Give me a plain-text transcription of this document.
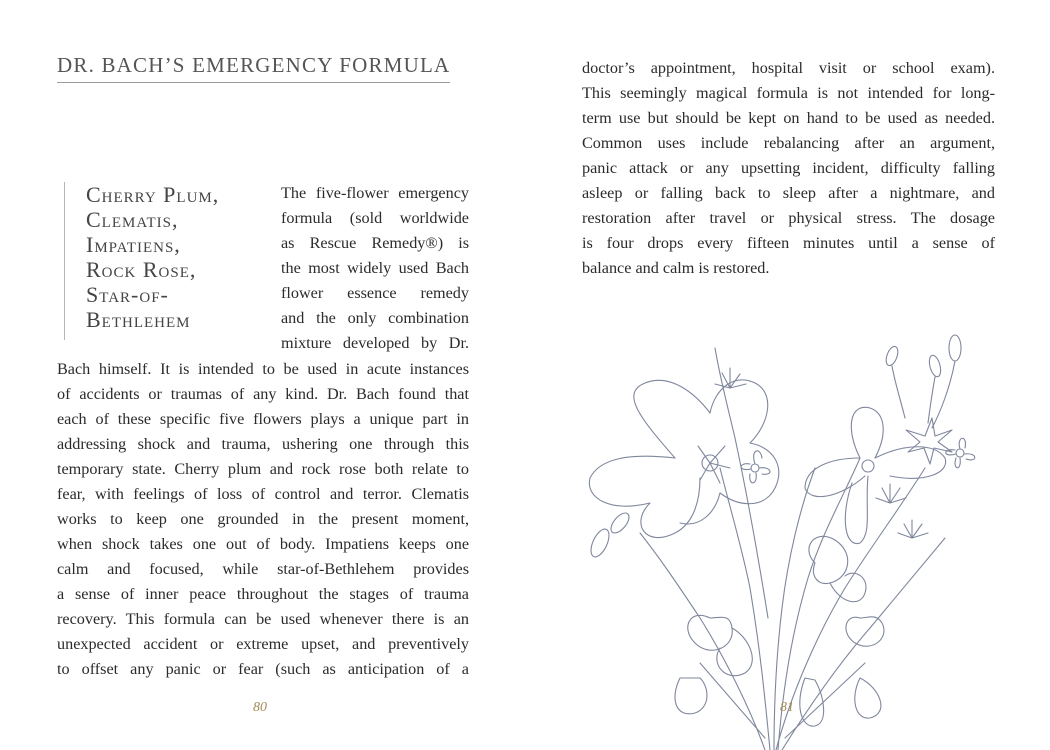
DR. BACH’S EMERGENCY FORMULA
Cherry Plum,
Clematis,
Impatiens,
Rock Rose,
Star-of-
Bethlehem

The five-flower emergency
formula (sold worldwide
as Rescue Remedy®) is
the most widely used Bach
flower essence remedy
and the only combination
mixture developed by Dr.

Bach himself. It is intended to be used in acute instances
of accidents or traumas of any kind. Dr. Bach found that
each of these specific five flowers plays a unique part in
addressing shock and trauma, ushering one through this
temporary state. Cherry plum and rock rose both relate to
fear, with feelings of loss of control and terror. Clematis
works to keep one grounded in the present moment,
when shock takes one out of body. Impatiens keeps one
calm and focused, while star-of-Bethlehem provides
a sense of inner peace throughout the stages of trauma
recovery. This formula can be used whenever there is an
unexpected accident or extreme upset, and preventively
to offset any panic or fear (such as anticipation of a

80

doctor’s appointment, hospital visit or school exam).
This seemingly magical formula is not intended for long-
term use but should be kept on hand to be used as needed.
Common uses include rebalancing after an argument,
panic attack or any upsetting incident, difficulty falling
asleep or falling back to sleep after a nightmare, and
restoration after travel or physical stress. The dosage
is four drops every fifteen minutes until a sense of
balance and calm is restored.

81
